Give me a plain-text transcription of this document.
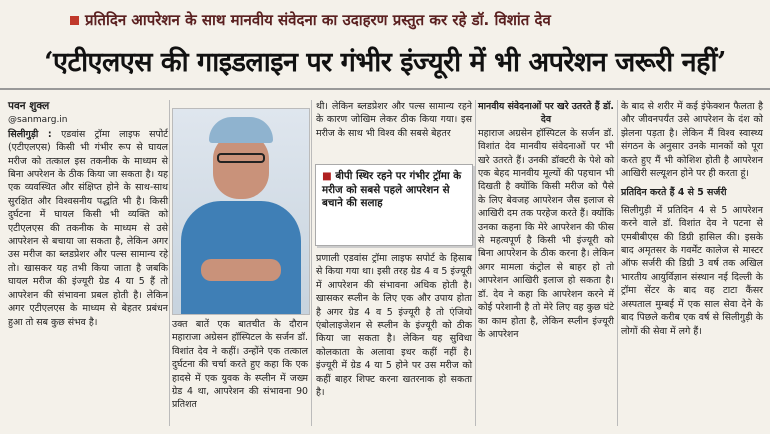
प्रतिदिन आपरेशन के साथ मानवीय संवेदना का उदाहरण प्रस्तुत कर रहे डॉ. विशांत देव
‘एटीएलएस की गाइडलाइन पर गंभीर इंज्यूरी में भी अपरेशन जरूरी नहीं’

पवन शुक्ल

@sanmarg.in

सिलीगुड़ी : एडवांस ट्रॉमा लाइफ सपोर्ट (एटीएलएस) किसी भी गंभीर रूप से घायल मरीज को तत्काल इस तकनीक के माध्यम से बिना अपरेशन के ठीक किया जा सकता है। यह एक व्यवस्थित और संक्षिप्त होने के साथ-साथ सुरक्षित और विश्वसनीय पद्धति भी है। किसी दुर्घटना में घायल किसी भी व्यक्ति को एटीएलएस की तकनीक के माध्यम से उसे आपरेशन से बचाया जा सकता है, लेकिन अगर उस मरीज का ब्लडप्रेशर और पल्स सामान्य रहे तो। खासकर यह तभी किया जाता है जबकि घायल मरीज की इंज्यूरी ग्रेड 4 या 5 हैं तो आपरेशन की संभावना प्रबल होती है। लेकिन अगर एटीएलएस के माध्यम से बेहतर प्रबंधन हुआ तो सब कुछ संभव है।	उक्त बातें एक बातचीत के दौरान महाराजा अग्रेसन हॉस्पिटल के सर्जन डॉ. विशांत देव ने कहीं। उन्होंने एक तत्काल दुर्घटना की चर्चा करते हुए कहा कि एक हादसे में एक युवक के स्प्लीन में जख्म ग्रेड 4 था, आपरेशन की संभावना 90 प्रतिशत

थी। लेकिन ब्लडप्रेशर और पल्स सामान्य रहने के कारण जोखिम लेकर ठीक किया गया। इस मरीज के साथ भी विश्व की सबसे बेहतर

■ बीपी स्थिर रहने पर गंभीर ट्रॉमा के मरीज को सबसे पहले आपरेशन से बचाने की सलाह

प्रणाली एडवांस ट्रॉमा लाइफ सपोर्ट के हिसाब से किया गया था। इसी तरह ग्रेड 4 व 5 इंज्यूरी में आपरेशन की संभावना अधिक होती है। खासकर स्प्लीन के लिए एक और उपाय होता है अगर ग्रेड 4 व 5 इंज्यूरी है तो एंजियो एंबोलाइजेशन से स्प्लीन के इंज्यूरी को ठीक किया जा सकता है। लेकिन यह सुविधा कोलकाता के अलावा इधर कहीं नहीं है। इंज्यूरी में ग्रेड 4 या 5 होने पर उस मरीज को कहीं बाहर शिफ्ट करना खतरनाक हो सकता है।

मानवीय संवेदनाओं पर खरे उतरते हैं डॉ. देव

महाराज अग्रसेन हॉस्पिटल के सर्जन डॉ. विशांत देव मानवीय संवेदनाओं पर भी खरे उतरते हैं। उनकी डॉक्टरी के पेशे को एक बेहद मानवीय मूल्यों की पहचान भी दिखती है क्योंकि किसी मरीज को पैसे के लिए बेवजह आपरेशन जैस इलाज से आखिरी दम तक परहेज करते हैं। क्योंकि उनका कहना कि मेरे आपरेशन की फीस से महत्वपूर्ण है किसी भी इंज्यूरी को बिना आपरेशन के ठीक करना है। लेकिन अगर मामला कंट्रोल से बाहर हो तो आपरेशन आखिरी इलाज हो सकता है। डॉ. देव ने कहा कि आपरेशन करने में कोई परेशानी है तो मेरे लिए वह कुछ घंटे का काम होता है, लेकिन स्प्लीन इंज्यूरी के आपरेशन

के बाद से शरीर में कई इंफेक्शन फैलता है और जीवनपर्यंत उसे आपरेशन के दंश को झेलना पड़ता है। लेकिन मैं विश्व स्वास्थ्य संगठन के अनुसार उनके मानकों को पूरा करते हुए मैं भी कोशिश होती है आपरेशन आखिरी सल्यूशन होने पर ही करता हूं।

प्रतिदिन करते हैं 4 से 5 सर्जरी

सिलीगुड़ी में प्रतिदिन 4 से 5 आपरेशन करने वाले डॉ. विशांत देव ने पटना से एमबीबीएस की डिग्री हासिल की। इसके बाद अमृतसर के गवर्मेंट कालेज से मास्टर ऑफ सर्जरी की डिग्री 3 वर्ष तक अखिल भारतीय आयुर्विज्ञान संस्थान नई दिल्ली के ट्रॉमा सेंटर के बाद वह टाटा कैंसर अस्पताल मुम्बई में एक साल सेवा देने के बाद पिछले करीब एक वर्ष से सिलीगुड़ी के लोगों की सेवा में लगे हैं।
